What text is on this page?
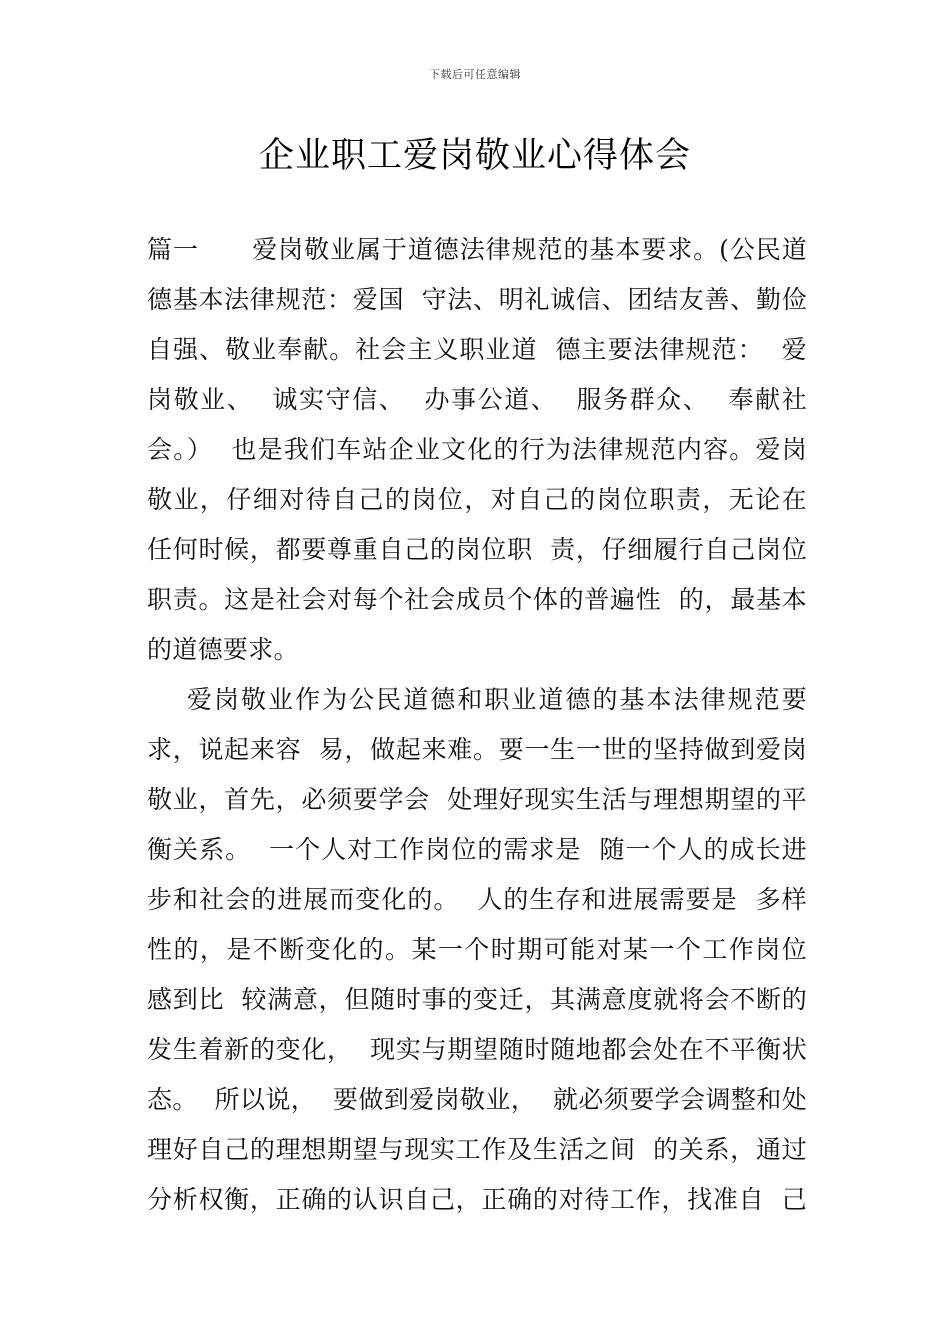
下载后可任意编辑
企业职工爱岗敬业心得体会
篇一      爱岗敬业属于道德法律规范的基本要求。(公民道
德基本法律规范：爱国  守法、明礼诚信、团结友善、勤俭
自强、敬业奉献。社会主义职业道  德主要法律规范：  爱
岗敬业、  诚实守信、  办事公道、  服务群众、  奉献社
会。）  也是我们车站企业文化的行为法律规范内容。爱岗
敬业，仔细对待自己的岗位，对自己的岗位职责，无论在
任何时候，都要尊重自己的岗位职  责，仔细履行自己岗位
职责。这是社会对每个社会成员个体的普遍性  的，最基本
的道德要求。
爱岗敬业作为公民道德和职业道德的基本法律规范要
求，说起来容  易，做起来难。要一生一世的坚持做到爱岗
敬业，首先，必须要学会  处理好现实生活与理想期望的平
衡关系。  一个人对工作岗位的需求是  随一个人的成长进
步和社会的进展而变化的。  人的生存和进展需要是  多样
性的，是不断变化的。某一个时期可能对某一个工作岗位
感到比  较满意，但随时事的变迁，其满意度就将会不断的
发生着新的变化，  现实与期望随时随地都会处在不平衡状
态。  所以说，  要做到爱岗敬业，  就必须要学会调整和处
理好自己的理想期望与现实工作及生活之间  的关系，通过
分析权衡，正确的认识自己，正确的对待工作，找准自  己
